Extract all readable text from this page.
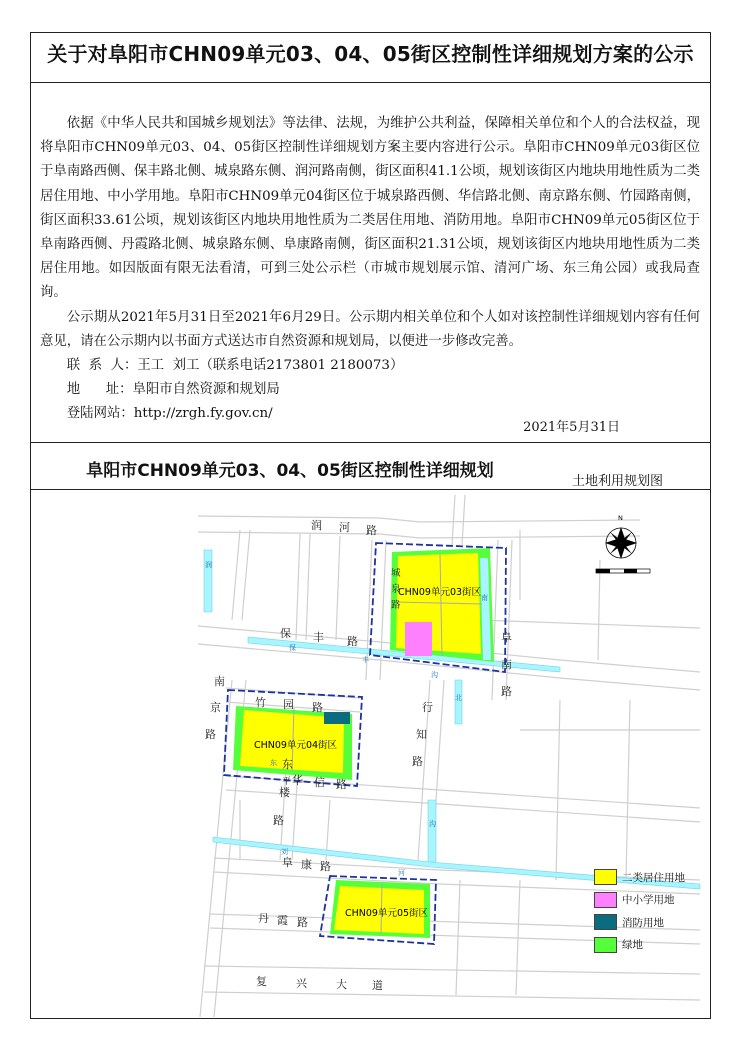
关于对阜阳市CHN09单元03、04、05街区控制性详细规划方案的公示

依据《中华人民共和国城乡规划法》等法律、法规，为维护公共利益，保障相关单位和个人的合法权益，现将阜阳市CHN09单元03、04、05街区控制性详细规划方案主要内容进行公示。阜阳市CHN09单元03街区位于阜南路西侧、保丰路北侧、城泉路东侧、润河路南侧，街区面积41.1公顷，规划该街区内地块用地性质为二类居住用地、中小学用地。阜阳市CHN09单元04街区位于城泉路西侧、华信路北侧、南京路东侧、竹园路南侧，街区面积33.61公顷，规划该街区内地块用地性质为二类居住用地、消防用地。阜阳市CHN09单元05街区位于阜南路西侧、丹霞路北侧、城泉路东侧、阜康路南侧，街区面积21.31公顷，规划该街区内地块用地性质为二类居住用地。如因版面有限无法看清，可到三处公示栏（市城市规划展示馆、清河广场、东三角公园）或我局查询。

公示期从2021年5月31日至2021年6月29日。公示期内相关单位和个人如对该控制性详细规划内容有任何意见，请在公示期内以书面方式送达市自然资源和规划局，以便进一步修改完善。

联  系  人：王工  刘工（联系电话2173801 2180073）

地      址：阜阳市自然资源和规划局

登陆网站：http://zrgh.fy.gov.cn/

2021年5月31日
阜阳市CHN09单元03、04、05街区控制性详细规划
土地利用规划图
CHN09单元03街区
CHN09单元04街区
CHN09单元05街区
润 河 路
保 丰 路
城
泉
路
阜
南
路
南
京
路
竹 园 路	行
知
路
华 信 路
东
平
楼
路
阜 康 路
丹 霞 路
复	兴	大 道
润
保
丰
沟
南
北
沟
东
刘
河
N
二类居住用地
中小学用地
消防用地
绿地
